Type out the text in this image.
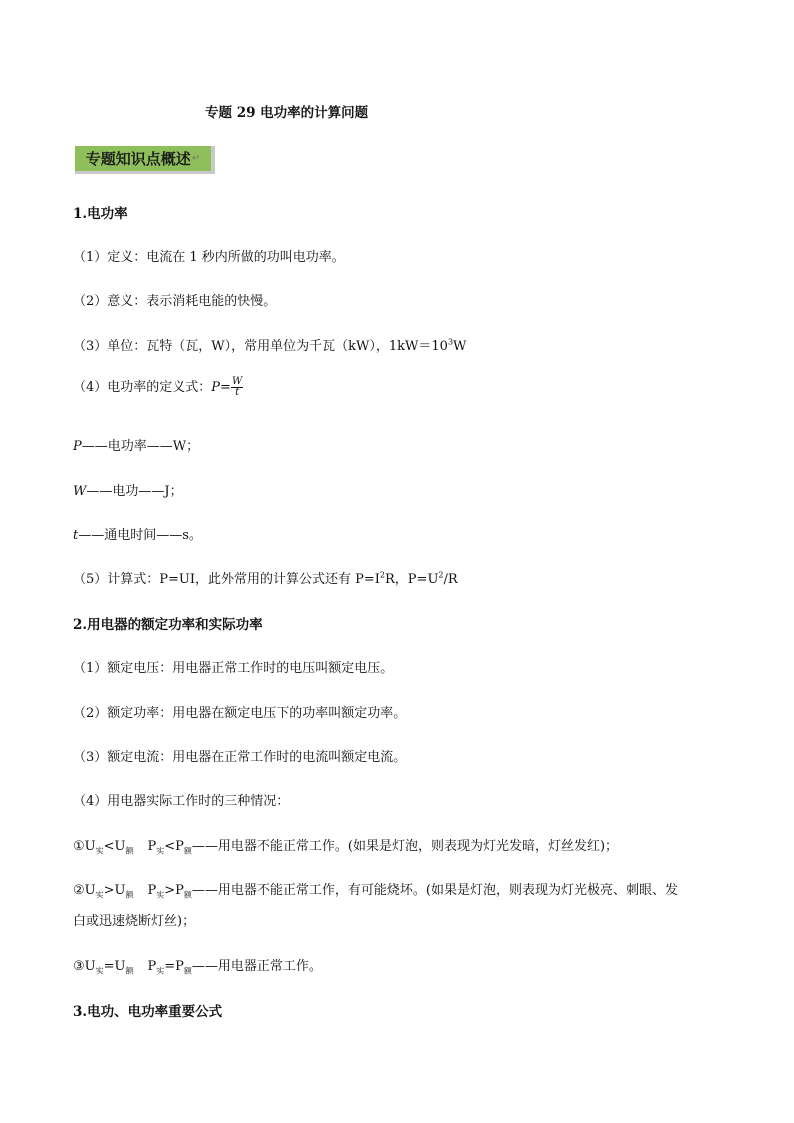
专题 29 电功率的计算问题
专题知识点概述 ↵
1.电功率
（1）定义：电流在 1 秒内所做的功叫电功率。
（2）意义：表示消耗电能的快慢。
（3）单位：瓦特（瓦，W），常用单位为千瓦（kW），$1kW=10^3W$
（4）电功率的定义式：$P= \frac{W}{t}$
P——电功率——W；
W——电功——J；
t——通电时间——s。
（5）计算式：P=UI，此外常用的计算公式还有 $P=I^2R$，$P=U^2/R$
2.用电器的额定功率和实际功率
（1）额定电压：用电器正常工作时的电压叫额定电压。
（2）额定功率：用电器在额定电压下的功率叫额定功率。
（3）额定电流：用电器在正常工作时的电流叫额定电流。
（4）用电器实际工作时的三种情况：
$①U_实<U_额$ $P_实<P_额——$用电器不能正常工作。(如果是灯泡，则表现为灯光发暗，灯丝发红)；
$②U_实>U_额$ $P_实>P_额——$用电器不能正常工作，有可能烧坏。(如果是灯泡，则表现为灯光极亮、刺眼、发
白或迅速烧断灯丝)；
$③U_实=U_额$ $P_实=P_额——$用电器正常工作。
3.电功、电功率重要公式
